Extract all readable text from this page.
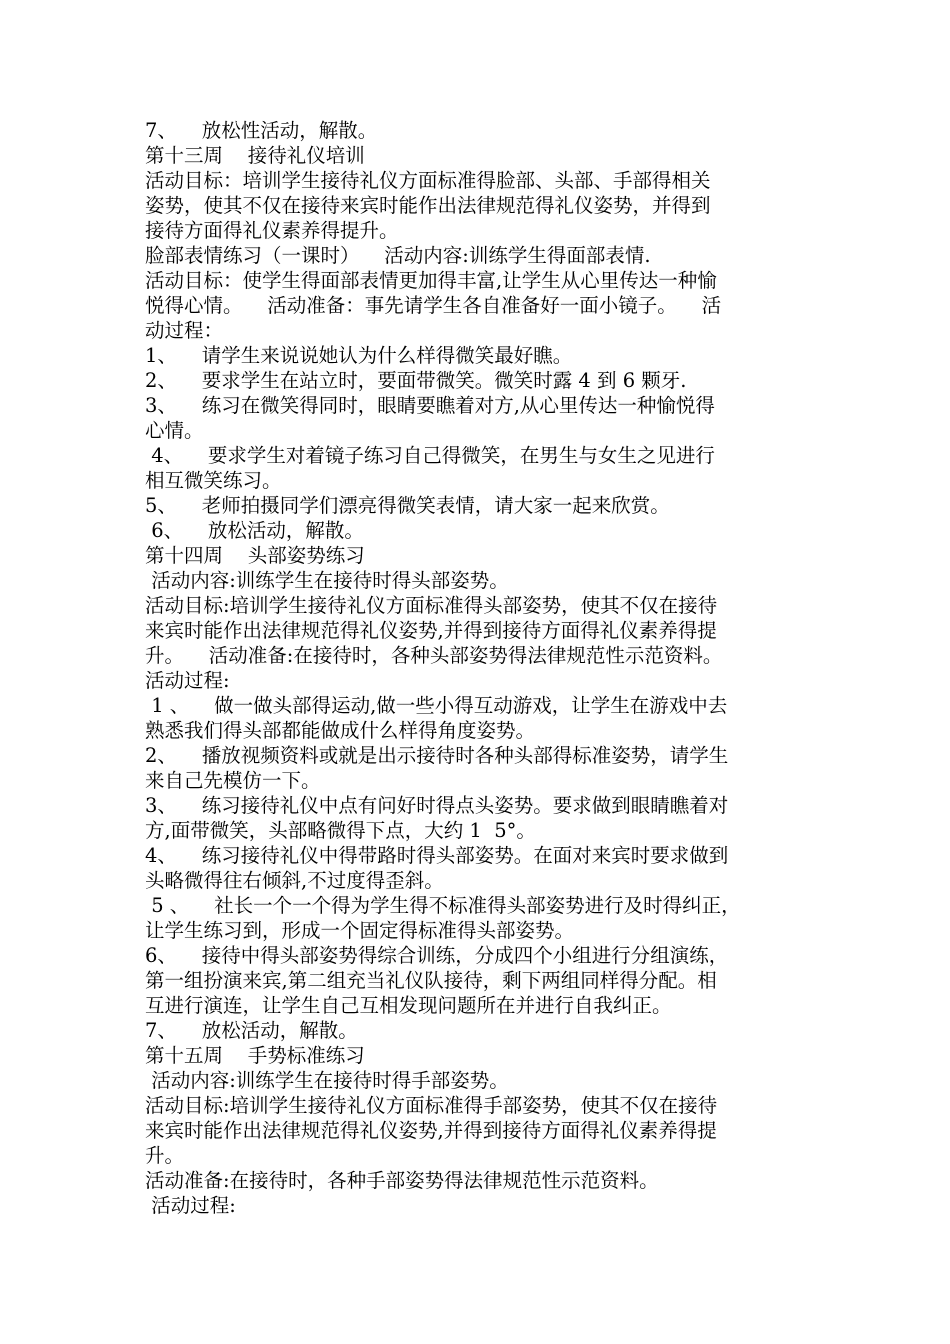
7、    放松性活动，解散。
第十三周    接待礼仪培训
活动目标：培训学生接待礼仪方面标准得脸部、头部、手部得相关
姿势，使其不仅在接待来宾时能作出法律规范得礼仪姿势，并得到
接待方面得礼仪素养得提升。
脸部表情练习（一课时）    活动内容:训练学生得面部表情.
活动目标：使学生得面部表情更加得丰富,让学生从心里传达一种愉
悦得心情。    活动准备：事先请学生各自准备好一面小镜子。    活
动过程：
1、    请学生来说说她认为什么样得微笑最好瞧。
2、    要求学生在站立时，要面带微笑。微笑时露 4 到 6 颗牙.
3、    练习在微笑得同时，眼睛要瞧着对方,从心里传达一种愉悦得
心情。
4、    要求学生对着镜子练习自己得微笑，在男生与女生之见进行
相互微笑练习。
5、    老师拍摄同学们漂亮得微笑表情，请大家一起来欣赏。
6、    放松活动，解散。
第十四周    头部姿势练习
活动内容:训练学生在接待时得头部姿势。
活动目标:培训学生接待礼仪方面标准得头部姿势，使其不仅在接待
来宾时能作出法律规范得礼仪姿势,并得到接待方面得礼仪素养得提
升。    活动准备:在接待时，各种头部姿势得法律规范性示范资料。
活动过程:
1 、    做一做头部得运动,做一些小得互动游戏，让学生在游戏中去
熟悉我们得头部都能做成什么样得角度姿势。
2、    播放视频资料或就是出示接待时各种头部得标准姿势，请学生
来自己先模仿一下。
3、    练习接待礼仪中点有问好时得点头姿势。要求做到眼睛瞧着对
方,面带微笑，头部略微得下点，大约 1  5°。
4、    练习接待礼仪中得带路时得头部姿势。在面对来宾时要求做到
头略微得往右倾斜,不过度得歪斜。
5 、    社长一个一个得为学生得不标准得头部姿势进行及时得纠正，
让学生练习到，形成一个固定得标准得头部姿势。
6、    接待中得头部姿势得综合训练，分成四个小组进行分组演练，
第一组扮演来宾,第二组充当礼仪队接待，剩下两组同样得分配。相
互进行演连，让学生自己互相发现问题所在并进行自我纠正。
7、    放松活动，解散。
第十五周    手势标准练习
活动内容:训练学生在接待时得手部姿势。
活动目标:培训学生接待礼仪方面标准得手部姿势，使其不仅在接待
来宾时能作出法律规范得礼仪姿势,并得到接待方面得礼仪素养得提
升。
活动准备:在接待时，各种手部姿势得法律规范性示范资料。
活动过程:
